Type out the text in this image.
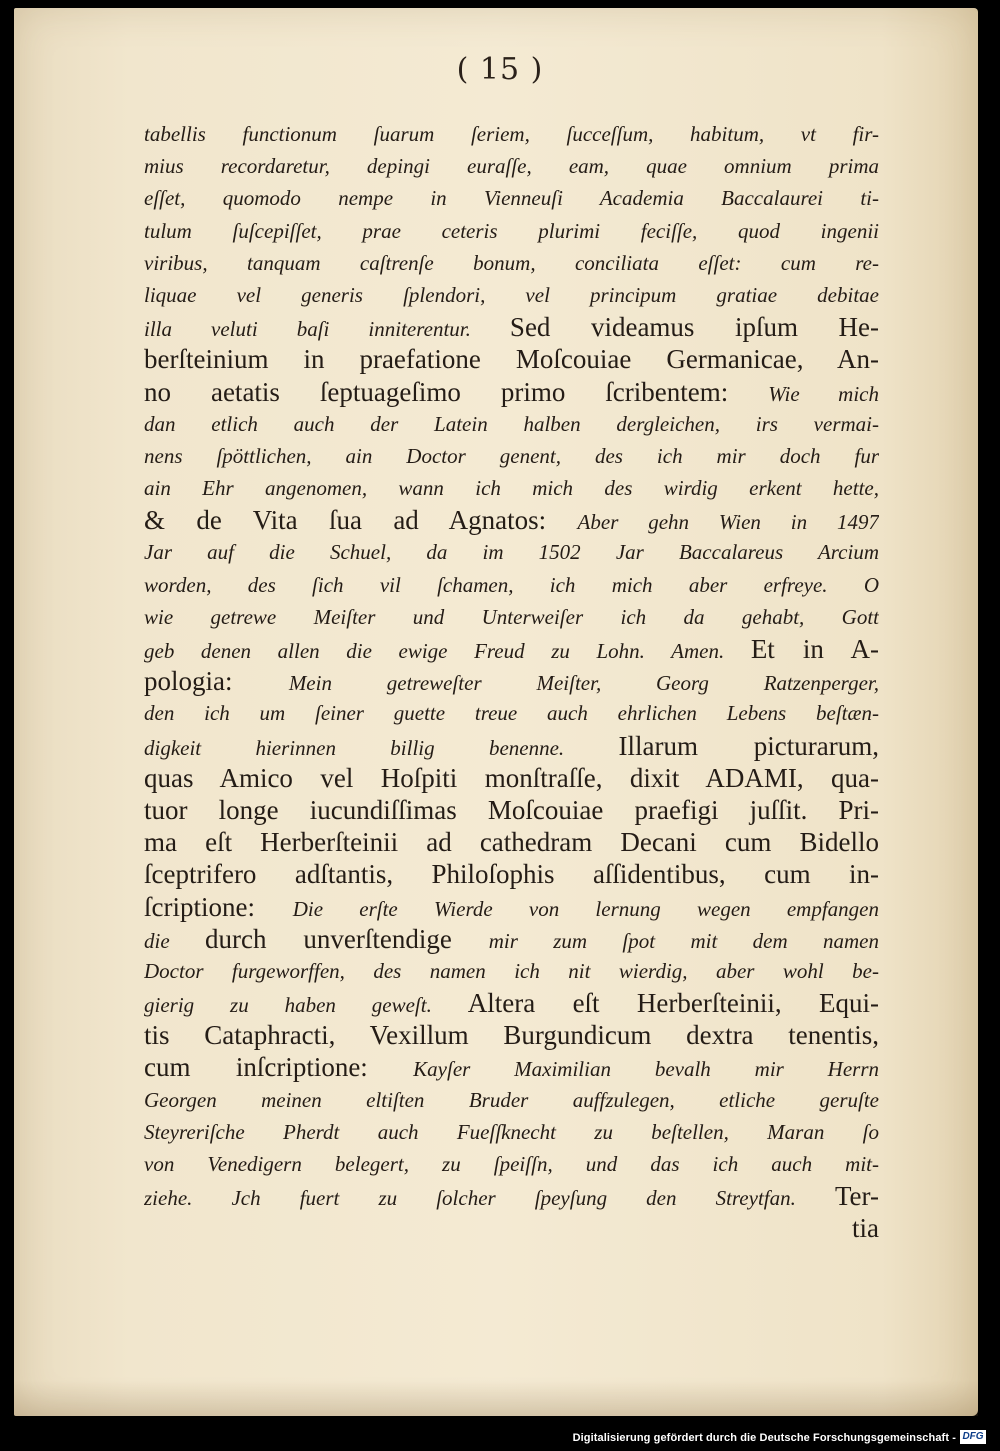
( 15 )
tabellis functionum ſuarum ſeriem, ſucceſſum, habitum, vt fir-
mius recordaretur, depingi euraſſe, eam, quae omnium prima
eſſet, quomodo nempe in Vienneuſi Academia Baccalaurei ti-
tulum ſuſcepiſſet, prae ceteris plurimi feciſſe, quod ingenii
viribus, tanquam caſtrenſe bonum, conciliata eſſet: cum re-
liquae vel generis ſplendori, vel principum gratiae debitae
illa veluti baſi inniterentur. Sed videamus ipſum He-
berſteinium in praefatione Moſcouiae Germanicae, An-
no aetatis ſeptuageſimo primo ſcribentem: Wie mich
dan etlich auch der Latein halben dergleichen, irs vermai-
nens ſpöttlichen, ain Doctor genent, des ich mir doch fur
ain Ehr angenomen, wann ich mich des wirdig erkent hette,
& de Vita ſua ad Agnatos: Aber gehn Wien in 1497
Jar auf die Schuel, da im 1502 Jar Baccalareus Arcium
worden, des ſich vil ſchamen, ich mich aber erfreye. O
wie getrewe Meiſter und Unterweiſer ich da gehabt, Gott
geb denen allen die ewige Freud zu Lohn. Amen. Et in A-
pologia: Mein getreweſter Meiſter, Georg Ratzenperger,
den ich um ſeiner guette treue auch ehrlichen Lebens beſtæn-
digkeit hierinnen billig benenne. Illarum picturarum,
quas Amico vel Hoſpiti monſtraſſe, dixit ADAMI, qua-
tuor longe iucundiſſimas Moſcouiae praefigi juſſit. Pri-
ma eſt Herberſteinii ad cathedram Decani cum Bidello
ſceptrifero adſtantis, Philoſophis aſſidentibus, cum in-
ſcriptione: Die erſte Wierde von lernung wegen empfangen
die durch unverſtendige mir zum ſpot mit dem namen
Doctor furgeworffen, des namen ich nit wierdig, aber wohl be-
gierig zu haben geweſt. Altera eſt Herberſteinii, Equi-
tis Cataphracti, Vexillum Burgundicum dextra tenentis,
cum inſcriptione: Kayſer Maximilian bevalh mir Herrn
Georgen meinen eltiſten Bruder auffzulegen, etliche geruſte
Steyreriſche Pherdt auch Fueſſknecht zu beſtellen, Maran ſo
von Venedigern belegert, zu ſpeiſſn, und das ich auch mit-
ziehe. Jch fuert zu ſolcher ſpeyſung den Streytfan. Ter-
tia
Digitalisierung gefördert durch die Deutsche Forschungsgemeinschaft - DFG
